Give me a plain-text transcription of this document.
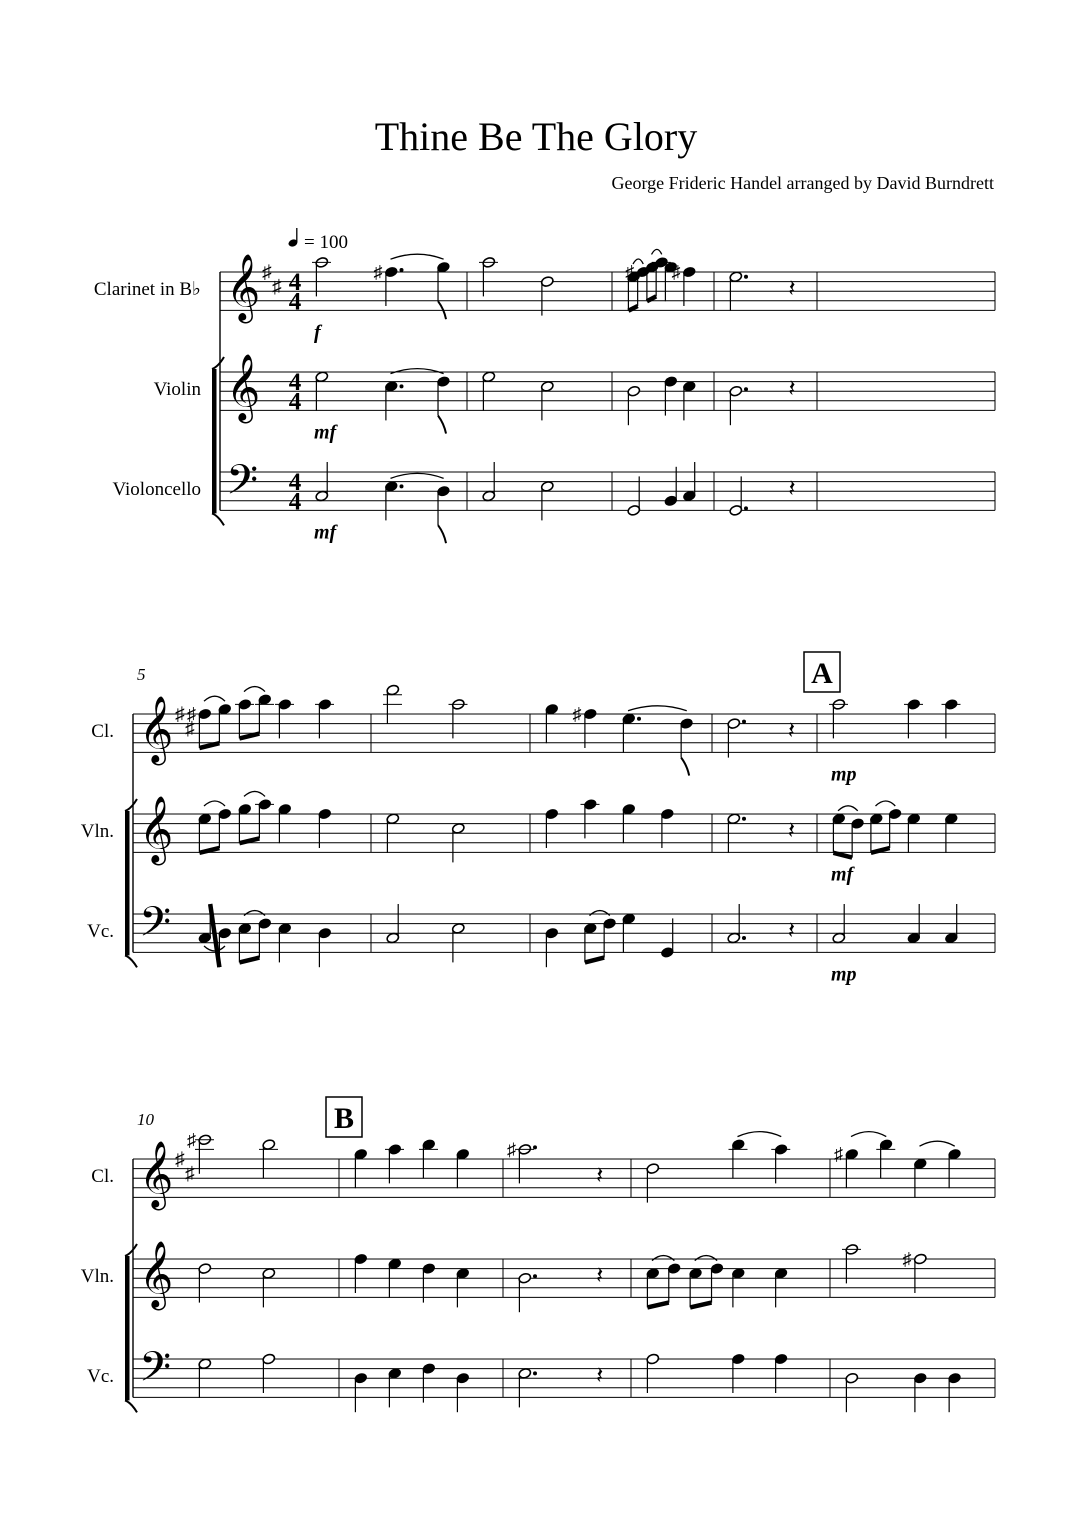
Thine Be The Glory
George Frideric Handel arranged by David Burndrett
= 100
Clarinet in B♭ 𝄞 ♯
♯ 4
4
♯	♯ ♯
𝄽
Violin 𝄞 4
4	𝄽
Violoncello 𝄢 4
4	𝄽
f
mf
mf
5
Cl. 𝄞 ♯
♯
♯	♯
𝄽
Vln. 𝄞	𝄽
Vc. 𝄢	𝄽
mp
mf
mp
A
10
Cl. 𝄞 ♯
♯
♯	♯
𝄽
♯
Vln. 𝄞	𝄽
♯
Vc. 𝄢	𝄽
B
